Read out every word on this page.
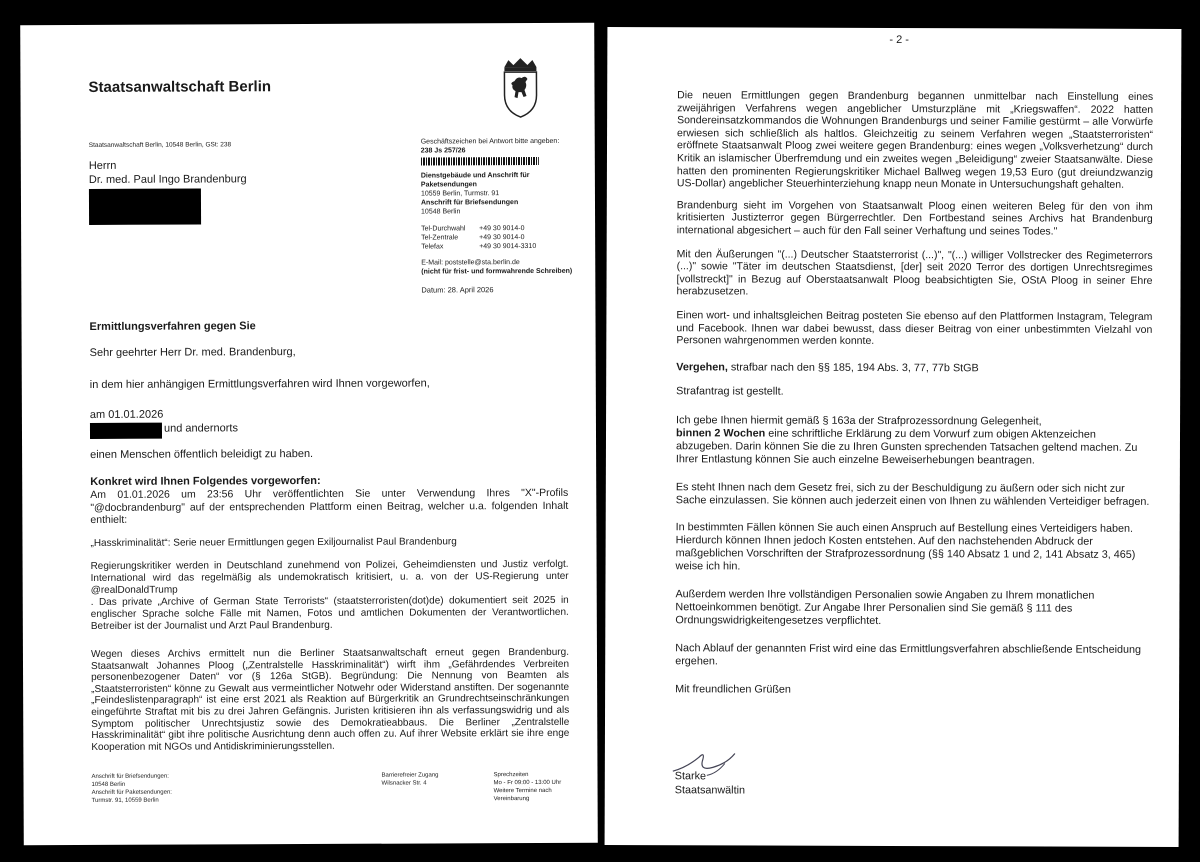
Staatsanwaltschaft Berlin
Staatsanwaltschaft Berlin, 10548 Berlin, GSt: 238
Herrn
Dr. med. Paul Ingo Brandenburg
Geschäftszeichen bei Antwort bitte angeben:
238 Js 257/26
Dienstgebäude und Anschrift für Paketsendungen
10559 Berlin, Turmstr. 91
Anschrift für Briefsendungen
10548 Berlin
Tel-Durchwahl +49 30 9014-0
Tel-Zentrale	+49 30 9014-0
Telefax	+49 30 9014-3310
E-Mail: poststelle@sta.berlin.de
(nicht für frist- und formwahrende Schreiben)
Datum: 28. April 2026
Ermittlungsverfahren gegen Sie
Sehr geehrter Herr Dr. med. Brandenburg,
in dem hier anhängigen Ermittlungsverfahren wird Ihnen vorgeworfen,
am 01.01.2026
und andernorts
einen Menschen öffentlich beleidigt zu haben.
Konkret wird Ihnen Folgendes vorgeworfen:
Am 01.01.2026 um 23:56 Uhr veröffentlichten Sie unter Verwendung Ihres "X"-Profils "@docbrandenburg" auf der entsprechenden Plattform einen Beitrag, welcher u.a. folgenden Inhalt enthielt:
„Hasskriminalität“: Serie neuer Ermittlungen gegen Exiljournalist Paul Brandenburg
Regierungskritiker werden in Deutschland zunehmend von Polizei, Geheimdiensten und Justiz verfolgt. International wird das regelmäßig als undemokratisch kritisiert, u. a. von der US-Regierung unter @realDonaldTrump
. Das private „Archive of German State Terrorists“ (staatsterroristen(dot)de) dokumentiert seit 2025 in englischer Sprache solche Fälle mit Namen, Fotos und amtlichen Dokumenten der Verantwortlichen. Betreiber ist der Journalist und Arzt Paul Brandenburg.
Wegen dieses Archivs ermittelt nun die Berliner Staatsanwaltschaft erneut gegen Brandenburg. Staatsanwalt Johannes Ploog („Zentralstelle Hasskriminalität“) wirft ihm „Gefährdendes Verbreiten personenbezogener Daten“ vor (§ 126a StGB). Begründung: Die Nennung von Beamten als „Staatsterroristen“ könne zu Gewalt aus vermeintlicher Notwehr oder Widerstand anstiften. Der sogenannte „Feindeslistenparagraph“ ist eine erst 2021 als Reaktion auf Bürgerkritik an Grundrechtseinschränkungen eingeführte Straftat mit bis zu drei Jahren Gefängnis. Juristen kritisieren ihn als verfassungswidrig und als Symptom politischer Unrechtsjustiz sowie des Demokratieabbaus. Die Berliner „Zentralstelle Hasskriminalität“ gibt ihre politische Ausrichtung denn auch offen zu. Auf ihrer Website erklärt sie ihre enge Kooperation mit NGOs und Antidiskriminierungsstellen.
Anschrift für Briefsendungen:
10548 Berlin
Anschrift für Paketsendungen:
Turmstr. 91, 10559 Berlin
Barrierefreier Zugang
Wilsnacker Str. 4
Sprechzeiten
Mo - Fr 09:00 - 13:00 Uhr
Weitere Termine nach
Vereinbarung
- 2 -
Die neuen Ermittlungen gegen Brandenburg begannen unmittelbar nach Einstellung eines zweijährigen Verfahrens wegen angeblicher Umsturzpläne mit „Kriegswaffen“. 2022 hatten Sondereinsatzkommandos die Wohnungen Brandenburgs und seiner Familie gestürmt – alle Vorwürfe erwiesen sich schließlich als haltlos. Gleichzeitig zu seinem Verfahren wegen „Staatsterroristen“ eröffnete Staatsanwalt Ploog zwei weitere gegen Brandenburg: eines wegen „Volksverhetzung“ durch Kritik an islamischer Überfremdung und ein zweites wegen „Beleidigung“ zweier Staatsanwälte. Diese hatten den prominenten Regierungskritiker Michael Ballweg wegen 19,53 Euro (gut dreiundzwanzig US-Dollar) angeblicher Steuerhinterziehung knapp neun Monate in Untersuchungshaft gehalten.
Brandenburg sieht im Vorgehen von Staatsanwalt Ploog einen weiteren Beleg für den von ihm kritisierten Justizterror gegen Bürgerrechtler. Den Fortbestand seines Archivs hat Brandenburg international abgesichert – auch für den Fall seiner Verhaftung und seines Todes."
Mit den Äußerungen "(...) Deutscher Staatsterrorist (...)", "(...) williger Vollstrecker des Regimeterrors (...)" sowie "Täter im deutschen Staatsdienst, [der] seit 2020 Terror des dortigen Unrechtsregimes [vollstreckt]" in Bezug auf Oberstaatsanwalt Ploog beabsichtigten Sie, OStA Ploog in seiner Ehre herabzusetzen.
Einen wort- und inhaltsgleichen Beitrag posteten Sie ebenso auf den Plattformen Instagram, Telegram und Facebook. Ihnen war dabei bewusst, dass dieser Beitrag von einer unbestimmten Vielzahl von Personen wahrgenommen werden konnte.
Vergehen, strafbar nach den §§ 185, 194 Abs. 3, 77, 77b StGB
Strafantrag ist gestellt.
Ich gebe Ihnen hiermit gemäß § 163a der Strafprozessordnung Gelegenheit,
binnen 2 Wochen eine schriftliche Erklärung zu dem Vorwurf zum obigen Aktenzeichen abzugeben. Darin können Sie die zu Ihren Gunsten sprechenden Tatsachen geltend machen. Zu Ihrer Entlastung können Sie auch einzelne Beweiserhebungen beantragen.
Es steht Ihnen nach dem Gesetz frei, sich zu der Beschuldigung zu äußern oder sich nicht zur Sache einzulassen. Sie können auch jederzeit einen von Ihnen zu wählenden Verteidiger befragen.
In bestimmten Fällen können Sie auch einen Anspruch auf Bestellung eines Verteidigers haben.
Hierdurch können Ihnen jedoch Kosten entstehen. Auf den nachstehenden Abdruck der maßgeblichen Vorschriften der Strafprozessordnung (§§ 140 Absatz 1 und 2, 141 Absatz 3, 465) weise ich hin.
Außerdem werden Ihre vollständigen Personalien sowie Angaben zu Ihrem monatlichen Nettoeinkommen benötigt. Zur Angabe Ihrer Personalien sind Sie gemäß § 111 des Ordnungswidrigkeitengesetzes verpflichtet.
Nach Ablauf der genannten Frist wird eine das Ermittlungsverfahren abschließende Entscheidung ergehen.
Mit freundlichen Grüßen
Starke
Staatsanwältin
